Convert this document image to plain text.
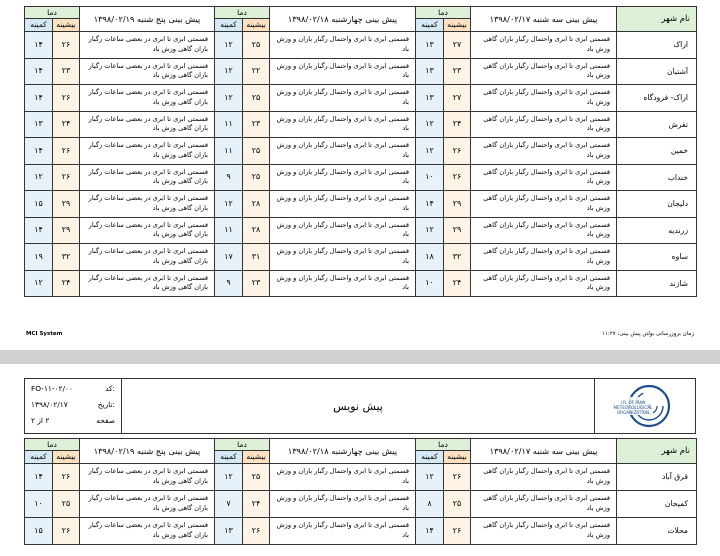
نام شهر	پیش بینی سه شنبه ۱۳۹۸/۰۲/۱۷	دما		پیش بینی چهارشنبه ۱۳۹۸/۰۲/۱۸	دما		پیش بینی پنج شنبه ۱۳۹۸/۰۲/۱۹	دما	
		بیشینه	کمینه		بیشینه	کمینه		بیشینه	کمینه
اراک	قسمتی ابری تا ابری واحتمال رگبار باران گاهی وزش باد	۲۷	۱۳	قسمتی ابری تا ابری واحتمال رگبار باران و وزش باد	۲۵	۱۲	قسمتی ابری تا ابری در بعضی ساعات رگبار باران گاهی وزش باد	۲۶	۱۴
آشتیان	قسمتی ابری تا ابری واحتمال رگبار باران گاهی وزش باد	۲۳	۱۳	قسمتی ابری تا ابری واحتمال رگبار باران و وزش باد	۲۲	۱۲	قسمتی ابری تا ابری در بعضی ساعات رگبار باران گاهی وزش باد	۲۳	۱۴
اراک- فرودگاه	قسمتی ابری تا ابری واحتمال رگبار باران گاهی وزش باد	۲۷	۱۳	قسمتی ابری تا ابری واحتمال رگبار باران و وزش باد	۲۵	۱۲	قسمتی ابری تا ابری در بعضی ساعات رگبار باران گاهی وزش باد	۲۶	۱۴
تفرش	قسمتی ابری تا ابری واحتمال رگبار باران گاهی وزش باد	۲۴	۱۲	قسمتی ابری تا ابری واحتمال رگبار باران و وزش باد	۲۳	۱۱	قسمتی ابری تا ابری در بعضی ساعات رگبار باران گاهی وزش باد	۲۴	۱۳
خمین	قسمتی ابری تا ابری واحتمال رگبار باران گاهی وزش باد	۲۶	۱۲	قسمتی ابری تا ابری واحتمال رگبار باران و وزش باد	۲۵	۱۱	قسمتی ابری تا ابری در بعضی ساعات رگبار باران گاهی وزش باد	۲۶	۱۴
خنداب	قسمتی ابری تا ابری واحتمال رگبار باران گاهی وزش باد	۲۶	۱۰	قسمتی ابری تا ابری واحتمال رگبار باران و وزش باد	۲۵	۹	قسمتی ابری تا ابری در بعضی ساعات رگبار باران گاهی وزش باد	۲۶	۱۲
دلیجان	قسمتی ابری تا ابری واحتمال رگبار باران گاهی وزش باد	۲۹	۱۴	قسمتی ابری تا ابری واحتمال رگبار باران و وزش باد	۲۸	۱۲	قسمتی ابری تا ابری در بعضی ساعات رگبار باران گاهی وزش باد	۲۹	۱۵
زرندیه	قسمتی ابری تا ابری واحتمال رگبار باران گاهی وزش باد	۲۹	۱۲	قسمتی ابری تا ابری واحتمال رگبار باران و وزش باد	۲۸	۱۱	قسمتی ابری تا ابری در بعضی ساعات رگبار باران گاهی وزش باد	۲۹	۱۴
ساوه	قسمتی ابری تا ابری واحتمال رگبار باران گاهی وزش باد	۳۲	۱۸	قسمتی ابری تا ابری واحتمال رگبار باران و وزش باد	۳۱	۱۷	قسمتی ابری تا ابری در بعضی ساعات رگبار باران گاهی وزش باد	۳۲	۱۹
شازند	قسمتی ابری تا ابری واحتمال رگبار باران گاهی وزش باد	۲۴	۱۰	قسمتی ابری تا ابری واحتمال رگبار باران و وزش باد	۲۳	۹	قسمتی ابری تا ابری در بعضی ساعات رگبار باران گاهی وزش باد	۲۴	۱۲
MCI System	زمان بروزرسانی بولتن پیش بینی: ۱۱:۲۷
کد:
FO-۱۱-۰۲/۰۰
تاریخ:
۱۳۹۸/۰۲/۱۷
صفحه
۲ از ۲
پیش نویس	I.R. OF IRAN
METEOROLOGICAL
ORGANIZATION
نام شهر	پیش بینی سه شنبه ۱۳۹۸/۰۲/۱۷	دما		پیش بینی چهارشنبه ۱۳۹۸/۰۲/۱۸	دما		پیش بینی پنج شنبه ۱۳۹۸/۰۲/۱۹	دما	
		بیشینه	کمینه		بیشینه	کمینه		بیشینه	کمینه
قرق آباد	قسمتی ابری تا ابری واحتمال رگبار باران گاهی وزش باد	۲۶	۱۲	قسمتی ابری تا ابری واحتمال رگبار باران و وزش باد	۲۵	۱۲	قسمتی ابری تا ابری در بعضی ساعات رگبار باران گاهی وزش باد	۲۶	۱۴
کمیجان	قسمتی ابری تا ابری واحتمال رگبار باران گاهی وزش باد	۲۵	۸	قسمتی ابری تا ابری واحتمال رگبار باران و وزش باد	۲۴	۷	قسمتی ابری تا ابری در بعضی ساعات رگبار باران گاهی وزش باد	۲۵	۱۰
محلات	قسمتی ابری تا ابری واحتمال رگبار باران گاهی وزش باد	۲۶	۱۴	قسمتی ابری تا ابری واحتمال رگبار باران و وزش باد	۲۶	۱۳	قسمتی ابری تا ابری در بعضی ساعات رگبار باران گاهی وزش باد	۲۶	۱۵
